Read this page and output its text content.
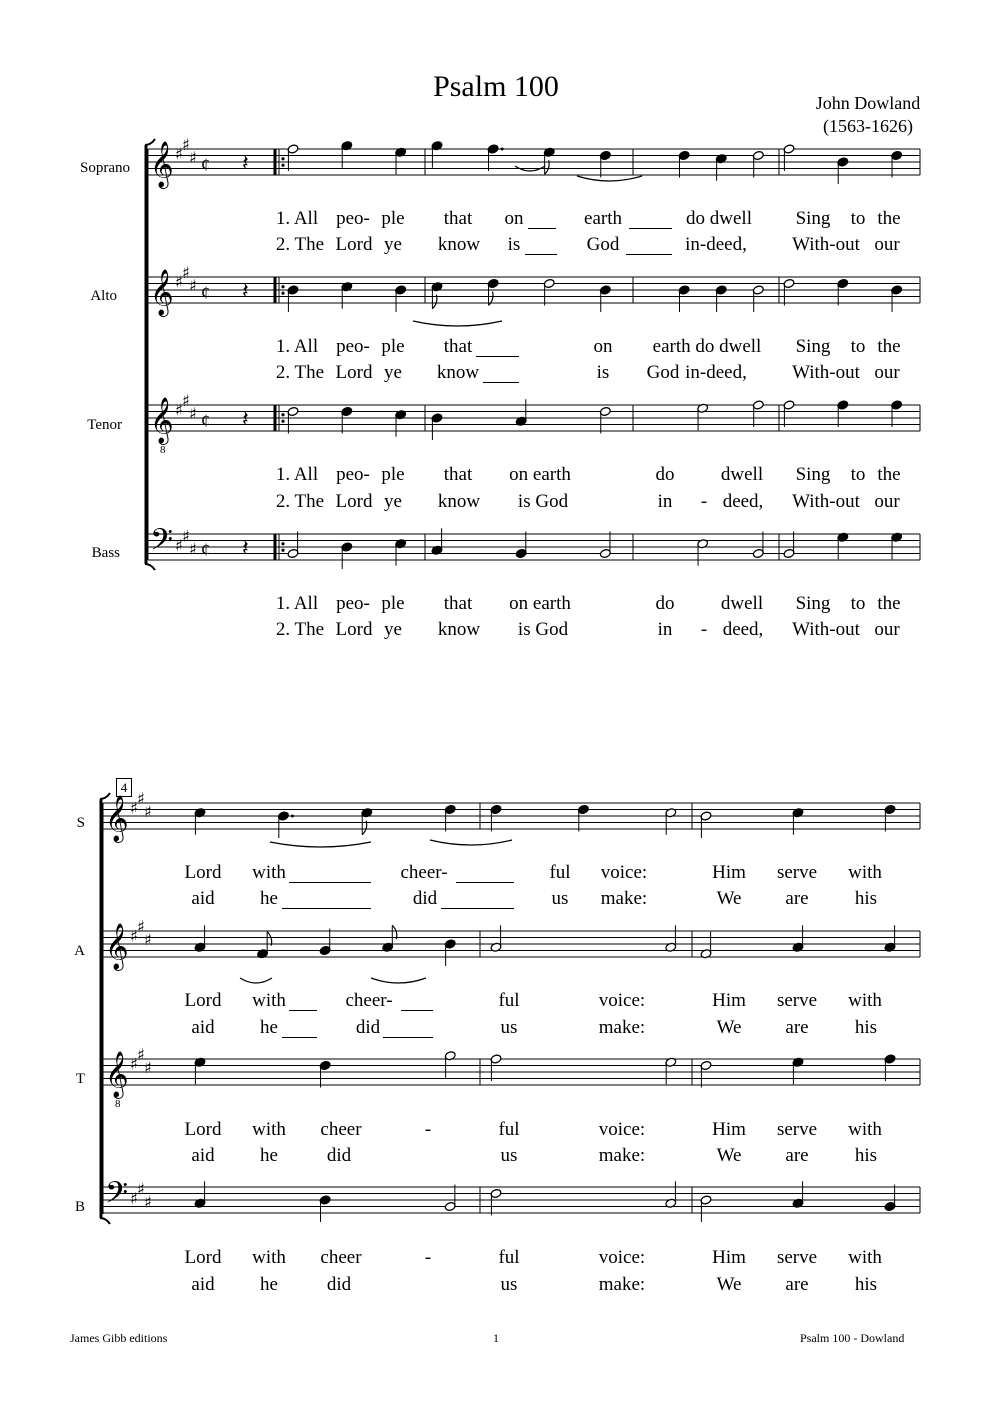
𝄞 ♯
♯
♯ ¢ 𝄽
𝄞 ♯
♯
♯
𝄞 ♯
♯
♯ ¢ 𝄽
𝄞 ♯
♯
♯
𝄞
8
♯
♯
♯ ¢ 𝄽
𝄞
8
♯
♯
♯
𝄢 ♯
♯
♯ ¢ 𝄽
𝄢 ♯
♯
♯
Psalm 100	John Dowland
(1563-1626)
Soprano
Alto
Tenor
Bass
S
A
T
B
4
1. All peo- ple that on	earth	do dwell Sing to the
2. The Lord ye know is	God	in-deed, With-out our
1. All peo- ple that	on earth do dwell Sing to the
2. The Lord ye know	is God in-deed, With-out our
1. All peo- ple that on earth	do dwell Sing to the
2. The Lord ye know is God	in - deed, With-out our
1. All peo- ple that on earth	do dwell Sing to the
2. The Lord ye know is God	in - deed, With-out our
Lord with	cheer-	ful voice:	Him serve with
aid he	did	us make:	We are his
Lord with	cheer-	ful	voice:	Him serve with
aid he	did	us	make:	We are his
Lord with cheer	-	ful	voice:	Him serve with
aid he	did	us	make:	We are his
Lord with cheer	-	ful	voice:	Him serve with
aid he	did	us	make:	We are his
James Gibb editions	1	Psalm 100 - Dowland
